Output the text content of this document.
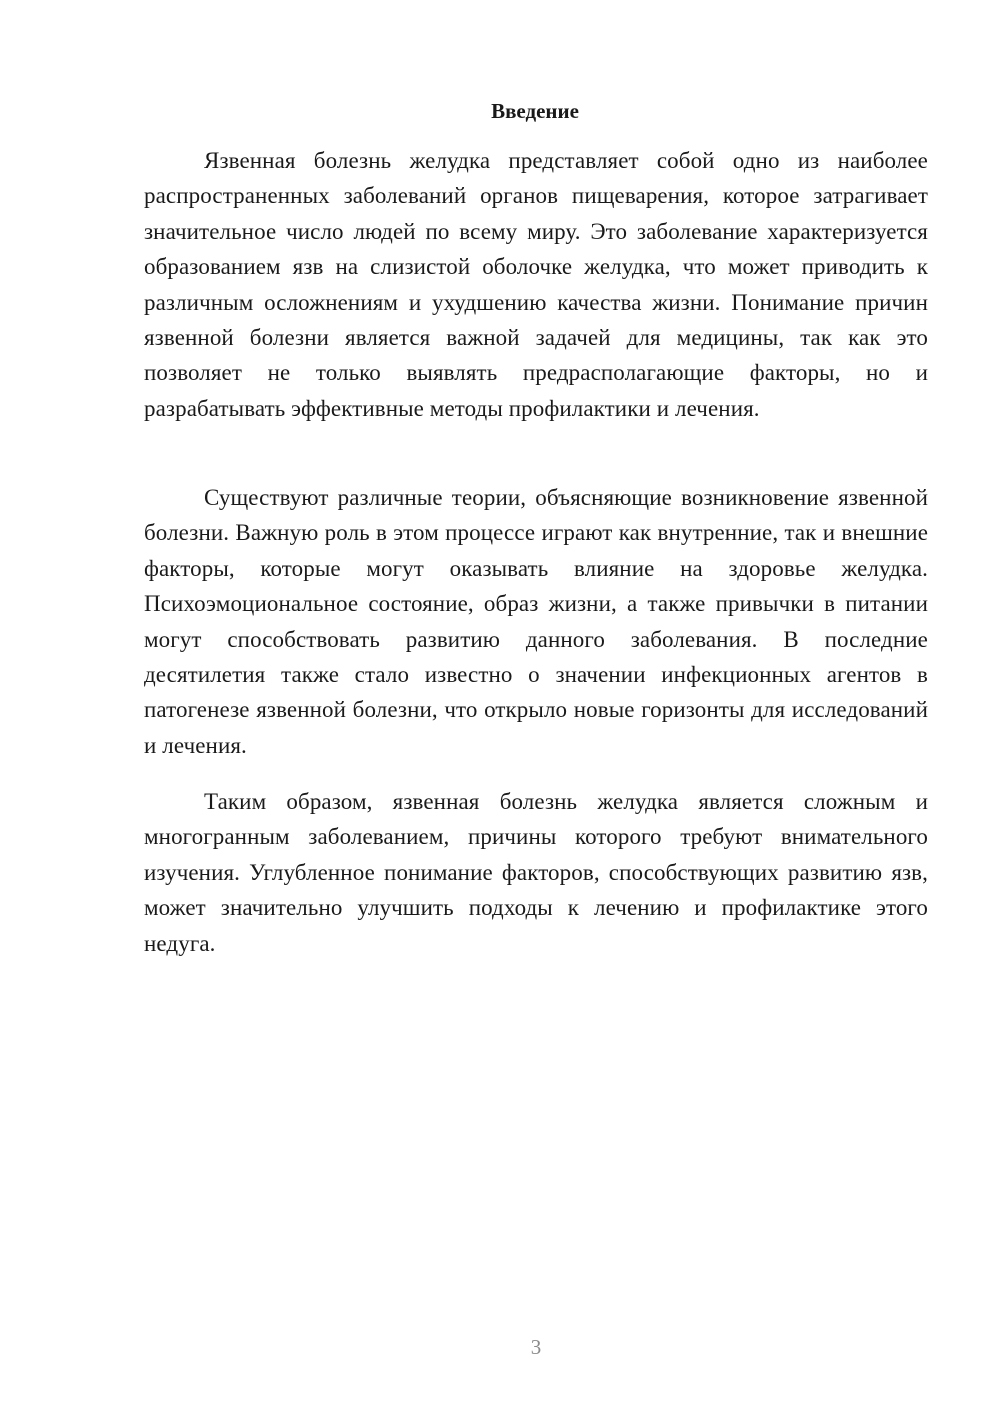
Введение

Язвенная болезнь желудка представляет собой одно из наиболее распространенных заболеваний органов пищеварения, которое затрагивает значительное число людей по всему миру. Это заболевание характеризуется образованием язв на слизистой оболочке желудка, что может приводить к различным осложнениям и ухудшению качества жизни. Понимание причин язвенной болезни является важной задачей для медицины, так как это позволяет не только выявлять предрасполагающие факторы, но и разрабатывать эффективные методы профилактики и лечения.

Существуют различные теории, объясняющие возникновение язвенной болезни. Важную роль в этом процессе играют как внутренние, так и внешние факторы, которые могут оказывать влияние на здоровье желудка. Психоэмоциональное состояние, образ жизни, а также привычки в питании могут способствовать развитию данного заболевания. В последние десятилетия также стало известно о значении инфекционных агентов в патогенезе язвенной болезни, что открыло новые горизонты для исследований и лечения.

Таким образом, язвенная болезнь желудка является сложным и многогранным заболеванием, причины которого требуют внимательного изучения. Углубленное понимание факторов, способствующих развитию язв, может значительно улучшить подходы к лечению и профилактике этого недуга.

3
